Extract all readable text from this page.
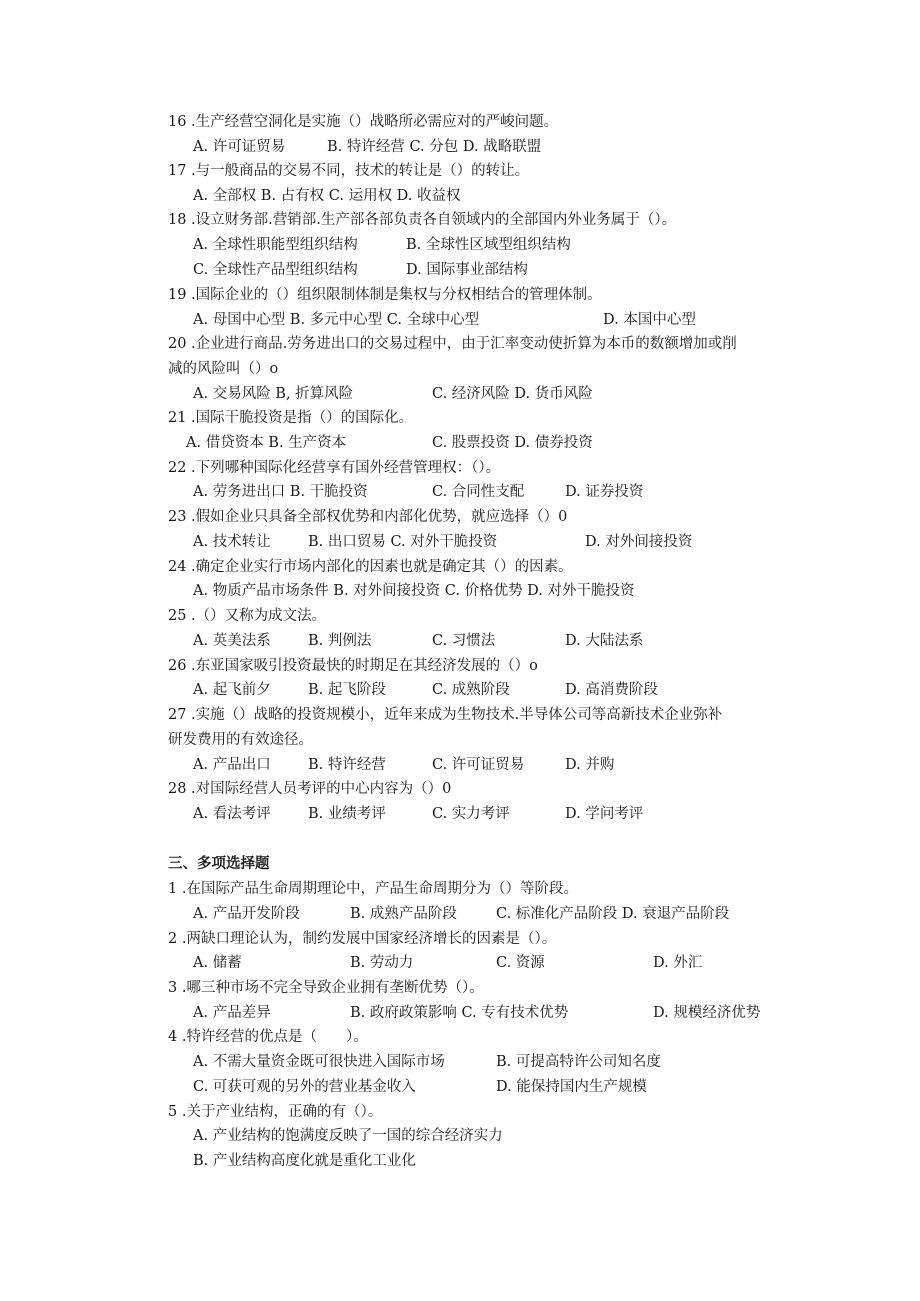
16 .生产经营空洞化是实施（）战略所必需应对的严峻问题。
A. 许可证贸易	B. 特许经营 C. 分包 D. 战略联盟
17 .与一般商品的交易不同，技术的转让是（）的转让。
A. 全部权 B. 占有权 C. 运用权 D. 收益权
18 .设立财务部.营销部.生产部各部负责各自领域内的全部国内外业务属于（）。
A. 全球性职能型组织结构	B. 全球性区域型组织结构
C. 全球性产品型组织结构	D. 国际事业部结构
19 .国际企业的（）组织限制体制是集权与分权相结合的管理体制。
A. 母国中心型 B. 多元中心型 C. 全球中心型	D. 本国中心型
20 .企业进行商品.劳务进出口的交易过程中，由于汇率变动使折算为本币的数额增加或削
减的风险叫（）o
A. 交易风险 B, 折算风险	C. 经济风险 D. 货币风险
21 .国际干脆投资是指（）的国际化。
A. 借贷资本 B. 生产资本	C. 股票投资 D. 债券投资
22 .下列哪种国际化经营享有国外经营管理权：（）。
A. 劳务进出口 B. 干脆投资	C. 合同性支配	D. 证券投资
23 .假如企业只具备全部权优势和内部化优势，就应选择（）0
A. 技术转让	B. 出口贸易 C. 对外干脆投资	D. 对外间接投资
24 .确定企业实行市场内部化的因素也就是确定其（）的因素。
A. 物质产品市场条件 B. 对外间接投资 C. 价格优势 D. 对外干脆投资
25 .（）又称为成文法。
A. 英美法系	B. 判例法	C. 习惯法	D. 大陆法系
26 .东亚国家吸引投资最快的时期足在其经济发展的（）o
A. 起飞前夕	B. 起飞阶段	C. 成熟阶段	D. 高消费阶段
27 .实施（）战略的投资规模小，近年来成为生物技术.半导体公司等高新技术企业弥补
研发费用的有效途径。
A. 产品出口	B. 特许经营	C. 许可证贸易	D. 并购
28 .对国际经营人员考评的中心内容为（）0
A. 看法考评	B. 业绩考评	C. 实力考评	D. 学问考评
三、多项选择题
1 .在国际产品生命周期理论中，产品生命周期分为（）等阶段。
A. 产品开发阶段	B. 成熟产品阶段	C. 标准化产品阶段 D. 衰退产品阶段
2 .两缺口理论认为，制约发展中国家经济增长的因素是（）。
A. 储蓄	B. 劳动力	C. 资源	D. 外汇
3 .哪三种市场不完全导致企业拥有垄断优势（）。
A. 产品差异	B. 政府政策影响 C. 专有技术优势	D. 规模经济优势
4 .特许经营的优点是（　　）。
A. 不需大量资金既可很快进入国际市场	B. 可提高特许公司知名度
C. 可获可观的另外的营业基金收入	D. 能保持国内生产规模
5 .关于产业结构，正确的有（）。
A. 产业结构的饱满度反映了一国的综合经济实力
B. 产业结构高度化就是重化工业化
